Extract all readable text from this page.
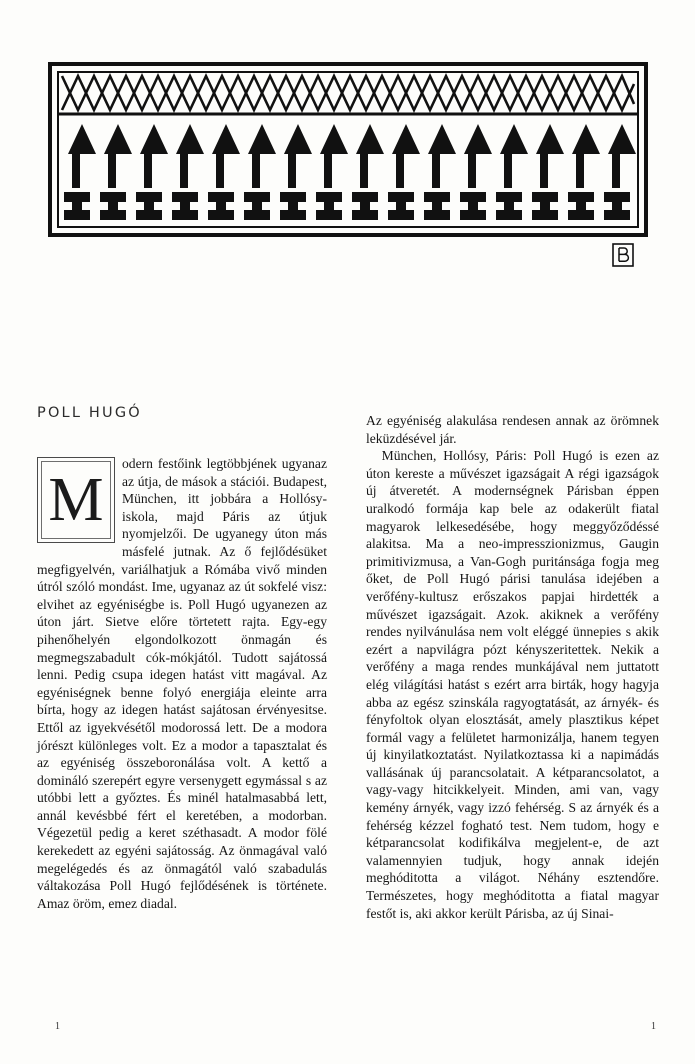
POLL HUGÓ
M

odern festőink legtöbbjének ugyanaz az útja, de mások a stációi. Budapest, München, itt jobbára a Hollósy-iskola, majd Páris az útjuk nyomjelzői. De ugyanegy úton más másfelé jutnak. Az ő fejlődésüket megfigyelvén, variálhatjuk a Rómába vivő minden útról szóló mondást. Ime, ugyanaz az út sokfelé visz: elvihet az egyéniségbe is. Poll Hugó ugyanezen az úton járt. Sietve előre törtetett rajta. Egy-egy pihenőhelyén elgondolkozott önmagán és megmegszabadult cók-mókjától. Tudott sajátossá lenni. Pedig csupa idegen hatást vitt magával. Az egyéniségnek benne folyó energiája eleinte arra bírta, hogy az idegen hatást sajátosan érvényesitse. Ettől az igyekvésétől modorossá lett. De a modora jórészt különleges volt. Ez a modor a tapasztalat és az egyéniség összeboronálása volt. A kettő a domináló szerepért egyre versenygett egymással s az utóbbi lett a győztes. És minél hatalmasabbá lett, annál kevésbbé fért el keretében, a modorban. Végezetül pedig a keret széthasadt. A modor fölé kerekedett az egyéni sajátosság. Az önmagával való megelégedés és az önmagától való szabadulás váltakozása Poll Hugó fejlődésének is története. Amaz öröm, emez diadal.

Az egyéniség alakulása rendesen annak az örömnek leküzdésével jár.

München, Hollósy, Páris: Poll Hugó is ezen az úton kereste a művészet igazságait A régi igazságok új átveretét. A modernségnek Párisban éppen uralkodó formája kap bele az odakerült fiatal magyarok lelkesedésébe, hogy meggyőződéssé alakitsa. Ma a neo-impresszionizmus, Gaugin primitivizmusa, a Van-Gogh puritánsága fogja meg őket, de Poll Hugó párisi tanulása idejében a verőfény-kultusz erőszakos papjai hirdették a művészet igazságait. Azok. akiknek a verőfény rendes nyilvánulása nem volt eléggé ünnepies s akik ezért a napvilágra pózt kényszeritettek. Nekik a verőfény a maga rendes munkájával nem juttatott elég világítási hatást s ezért arra birták, hogy hagyja abba az egész szinskála ragyogtatását, az árnyék- és fényfoltok olyan elosztását, amely plasztikus képet formál vagy a felületet harmonizálja, hanem tegyen új kinyilatkoztatást. Nyilatkoztassa ki a napimádás vallásának új parancsolatait. A kétparancsolatot, a vagy-vagy hitcikkelyeit. Minden, ami van, vagy kemény árnyék, vagy izzó fehérség. S az árnyék és a fehérség kézzel fogható test. Nem tudom, hogy e kétparancsolat kodifikálva megjelent-e, de azt valamennyien tudjuk, hogy annak idején meghóditotta a világot. Néhány esztendőre. Természetes, hogy meghóditotta a fiatal magyar festőt is, aki akkor került Párisba, az új Sinai-

1	1
